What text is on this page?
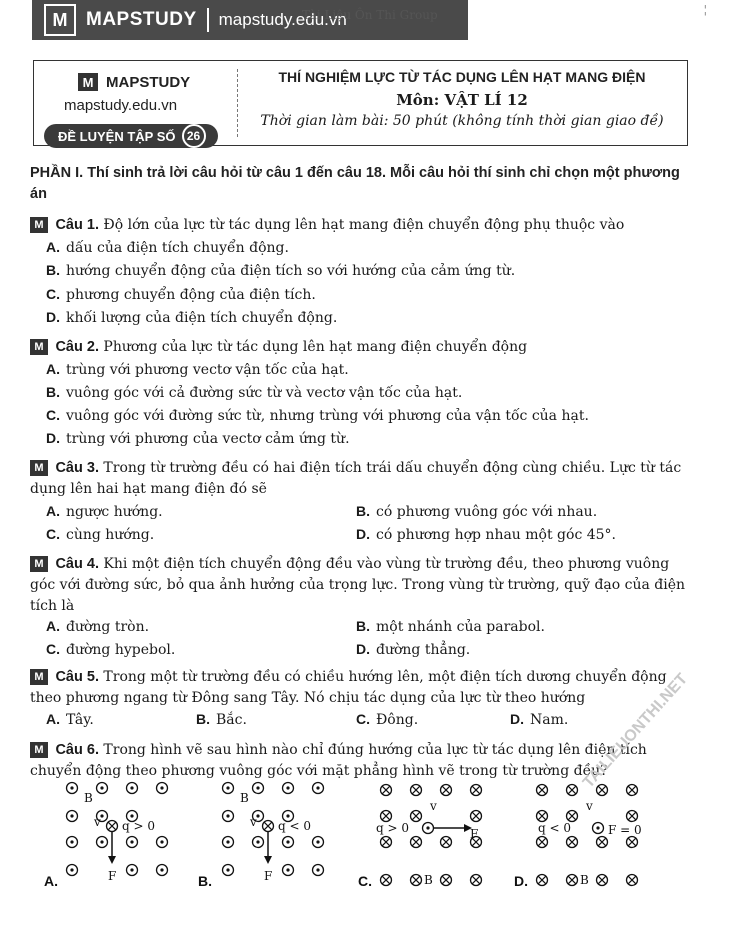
M MAPSTUDY mapstudy.edu.vn
Tài Liệu Ôn Thi Group	¦
M MAPSTUDY
mapstudy.edu.vn
THÍ NGHIỆM LỰC TỪ TÁC DỤNG LÊN HẠT MANG ĐIỆN
Môn: VẬT LÍ 12
Thời gian làm bài: 50 phút (không tính thời gian giao đề)
ĐỀ LUYỆN TẬP SỐ 26
PHẦN I. Thí sinh trả lời câu hỏi từ câu 1 đến câu 18. Mỗi câu hỏi thí sinh chỉ chọn một phương án
M Câu 1. Độ lớn của lực từ tác dụng lên hạt mang điện chuyển động phụ thuộc vào
A. dấu của điện tích chuyển động.
B. hướng chuyển động của điện tích so với hướng của cảm ứng từ.
C. phương chuyển động của điện tích.
D. khối lượng của điện tích chuyển động.
M Câu 2. Phương của lực từ tác dụng lên hạt mang điện chuyển động
A. trùng với phương vectơ vận tốc của hạt.
B. vuông góc với cả đường sức từ và vectơ vận tốc của hạt.
C. vuông góc với đường sức từ, nhưng trùng với phương của vận tốc của hạt.
D. trùng với phương của vectơ cảm ứng từ.
M Câu 3. Trong từ trường đều có hai điện tích trái dấu chuyển động cùng chiều. Lực từ tác dụng lên hai hạt mang điện đó sẽ
A. ngược hướng.	B. có phương vuông góc với nhau.
C. cùng hướng.	D. có phương hợp nhau một góc 45°.
M Câu 4. Khi một điện tích chuyển động đều vào vùng từ trường đều, theo phương vuông góc với đường sức, bỏ qua ảnh hưởng của trọng lực. Trong vùng từ trường, quỹ đạo của điện tích là
A. đường tròn.	B. một nhánh của parabol.
C. đường hypebol.	D. đường thẳng.
M Câu 5. Trong một từ trường đều có chiều hướng lên, một điện tích dương chuyển động theo phương ngang từ Đông sang Tây. Nó chịu tác dụng của lực từ theo hướng
A. Tây.	B. Bắc.	C. Đông.	D. Nam.
M Câu 6. Trong hình vẽ sau hình nào chỉ đúng hướng của lực từ tác dụng lên điện tích chuyển động theo phương vuông góc với mặt phẳng hình vẽ trong từ trường đều?
A.
B
v q > 0
F	B.
B
v q < 0
F	C.
v
q > 0	F
B	D.
v
q < 0	F = 0
B
TAILIEUONTHI.NET
